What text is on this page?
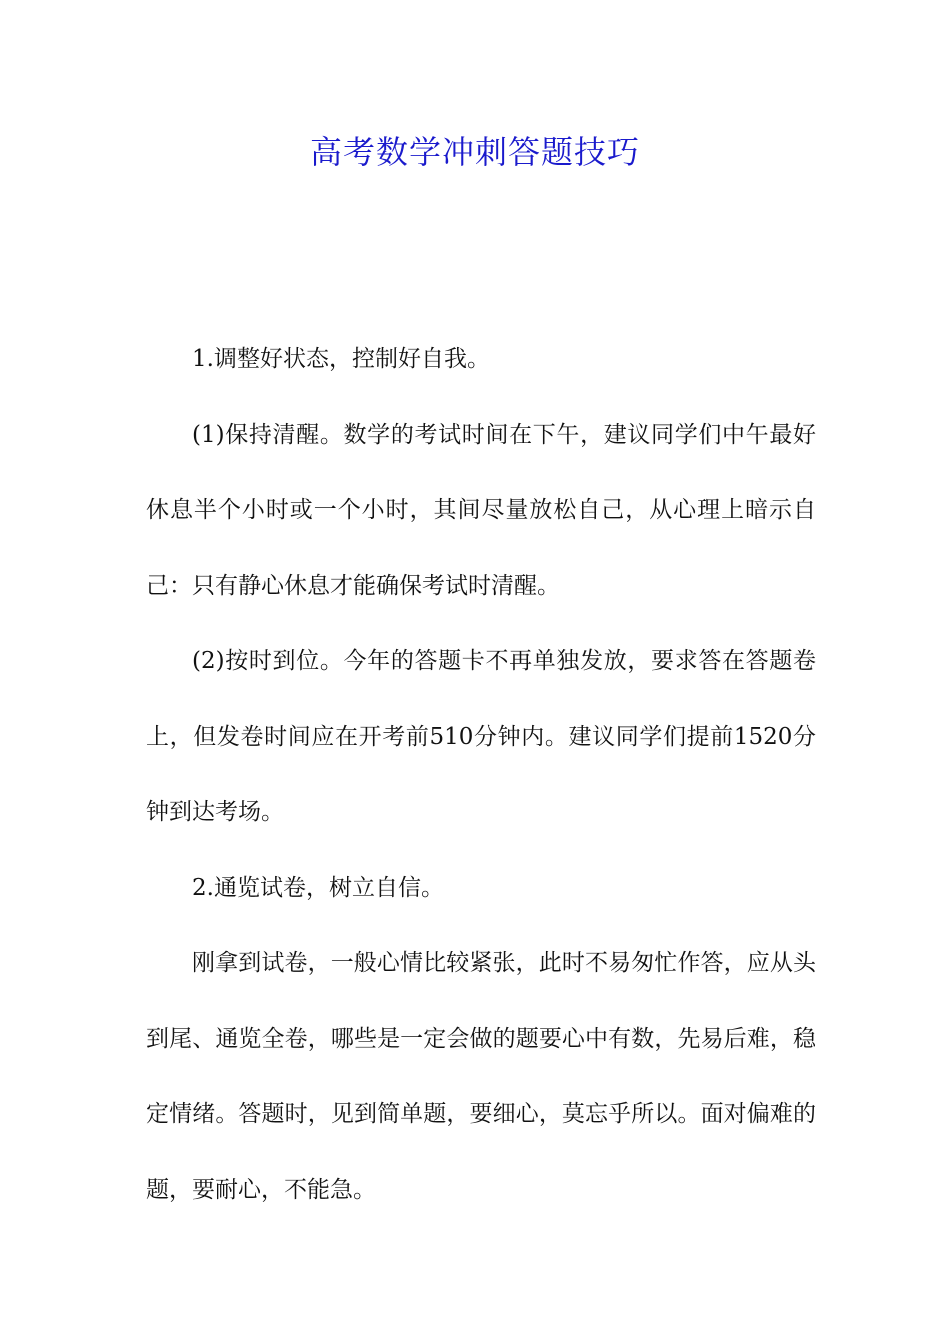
高考数学冲刺答题技巧

1.调整好状态，控制好自我。

(1)保持清醒。数学的考试时间在下午，建议同学们中午最好休息半个小时或一个小时，其间尽量放松自己，从心理上暗示自己：只有静心休息才能确保考试时清醒。

(2)按时到位。今年的答题卡不再单独发放，要求答在答题卷上，但发卷时间应在开考前510分钟内。建议同学们提前1520分钟到达考场。

2.通览试卷，树立自信。

刚拿到试卷，一般心情比较紧张，此时不易匆忙作答，应从头到尾、通览全卷，哪些是一定会做的题要心中有数，先易后难，稳定情绪。答题时，见到简单题，要细心，莫忘乎所以。面对偏难的题，要耐心，不能急。
